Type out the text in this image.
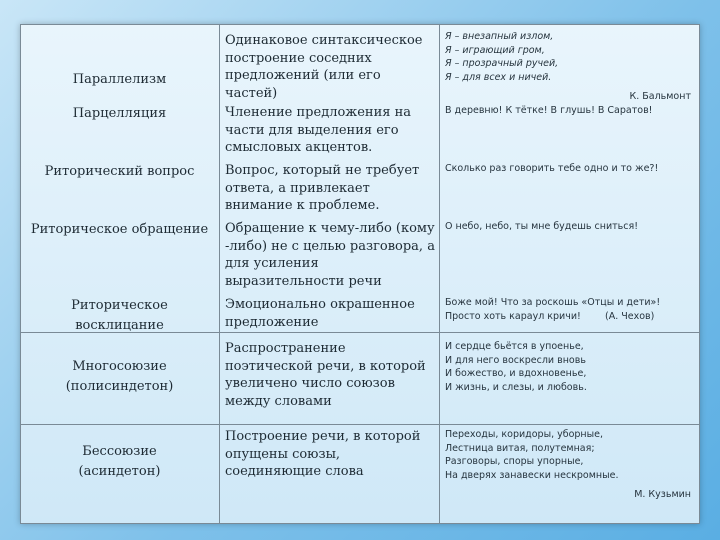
Параллелизм
Парцелляция
Риторический вопрос
Риторическое обращение
Риторическое
восклицание
Многосоюзие
(полисиндетон)
Бессоюзие
(асиндетон)
Одинаковое синтаксическое построение соседних предложений (или его частей)
Членение предложения на части для выделения его смысловых акцентов.
Вопрос, который не требует ответа, а привлекает внимание к проблеме.
Обращение к чему-либо (кому -либо) не с целью разговора, а для усиления выразительности речи
Эмоционально окрашенное предложение
Распространение поэтической речи, в которой увеличено число союзов между словами
Построение речи, в которой опущены союзы, соединяющие слова
Я – внезапный излом,
Я – играющий гром,
Я – прозрачный ручей,
Я – для всех и ничей.
К. Бальмонт
В деревню! К тётке! В глушь! В Саратов!
Сколько раз говорить тебе одно и то же?!
О небо, небо, ты мне будешь сниться!
Боже мой! Что за роскошь «Отцы и дети»!
Просто хоть караул кричи!        (А. Чехов)
И сердце бьётся в упоенье,
И для него воскресли вновь
И божество, и вдохновенье,
И жизнь, и слезы, и любовь.
Переходы, коридоры, уборные,
Лестница витая, полутемная;
Разговоры, споры упорные,
На дверях занавески нескромные.
М. Кузьмин
